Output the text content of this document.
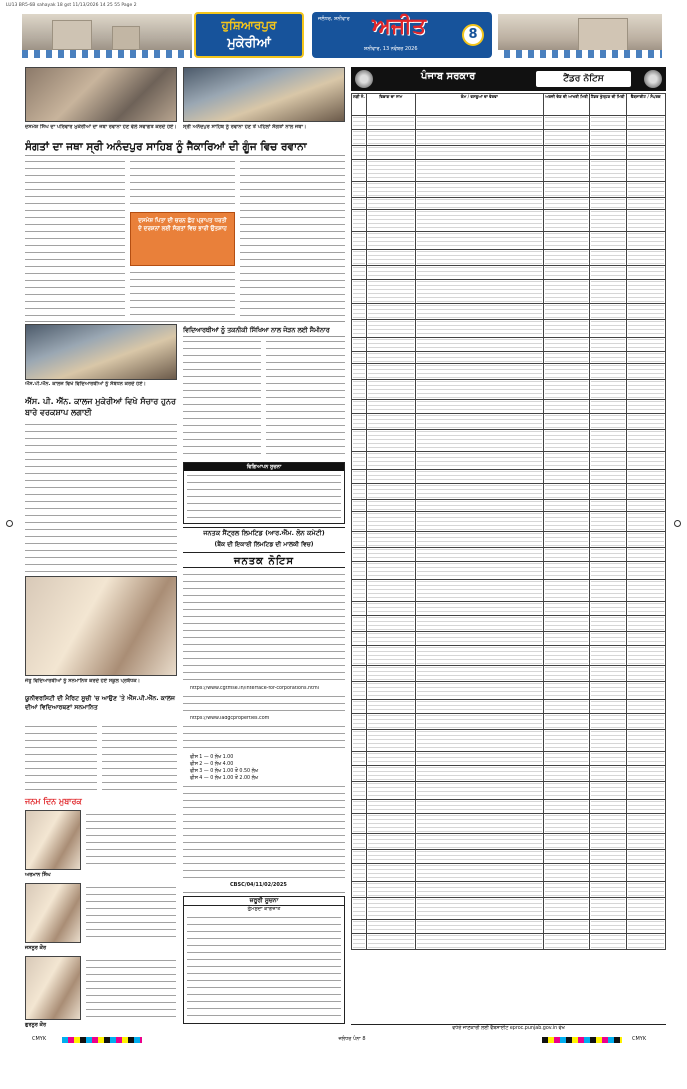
LU13 BR5-6B sahayak 18 gst 11/13/2026 14 25 55 Page 2
ਹੁਸ਼ਿਆਰਪੁਰ
ਮੁਕੇਰੀਆਂ
ਜਲੰਧਰ, ਸ਼ਨੀਵਾਰ	ਅਜੀਤ
ਸ਼ਨੀਵਾਰ, 13 ਨਵੰਬਰ 2026
8
ਦਸਮੇਸ਼ ਸਿੰਘ ਦਾ ਪਰਿਵਾਰ ਮੁਕੇਰੀਆਂ ਦਾ ਜਥਾ ਰਵਾਨਾ ਹੋਣ ਵੇਲੇ ਸਵਾਗਤ ਕਰਦੇ ਹੋਏ। ਸ੍ਰੀ ਅਨੰਦਪੁਰ ਸਾਹਿਬ ਨੂੰ ਰਵਾਨਾ ਹੋਣ ਤੋਂ ਪਹਿਲਾਂ ਸੰਗਤਾਂ ਨਾਲ ਜਥਾ।
ਸੰਗਤਾਂ ਦਾ ਜਥਾ ਸ੍ਰੀ ਅਨੰਦਪੁਰ ਸਾਹਿਬ ਨੂੰ ਜੈਕਾਰਿਆਂ ਦੀ ਗੂੰਜ ਵਿਚ ਰਵਾਨਾ
ਦਸਮੇਸ਼ ਪਿਤਾ ਦੀ ਚਰਨ ਛੋਹ ਪ੍ਰਾਪਤ ਧਰਤੀ ਦੇ ਦਰਸ਼ਨਾਂ ਲਈ ਸੰਗਤਾਂ ਵਿਚ ਭਾਰੀ ਉਤਸ਼ਾਹ
ਐੱਸ.ਪੀ.ਐੱਨ. ਕਾਲਜ ਵਿਖੇ ਵਿਦਿਆਰਥੀਆਂ ਨੂੰ ਸੰਬੋਧਨ ਕਰਦੇ ਹੋਏ।
ਐੱਸ. ਪੀ. ਐੱਨ. ਕਾਲਜ ਮੁਕੇਰੀਆਂ ਵਿਖੇ ਸੰਚਾਰ ਹੁਨਰ ਬਾਰੇ ਵਰਕਸ਼ਾਪ ਲਗਾਈ
ਵਿਦਿਆਰਥੀਆਂ ਨੂੰ ਤਕਨੀਕੀ ਸਿੱਖਿਆ ਨਾਲ ਜੋੜਨ ਲਈ ਸੈਮੀਨਾਰ
ਵਿਗਿਆਪਨ ਸੂਚਨਾ
ਜੇਤੂ ਵਿਦਿਆਰਥੀਆਂ ਨੂੰ ਸਨਮਾਨਿਤ ਕਰਦੇ ਹੋਏ ਸਕੂਲ ਪ੍ਰਬੰਧਕ।
ਯੂਨੀਵਰਸਿਟੀ ਦੀ ਮੈਰਿਟ ਸੂਚੀ 'ਚ ਆਉਣ 'ਤੇ ਐੱਸ.ਪੀ.ਐੱਨ. ਕਾਲਜ ਦੀਆਂ ਵਿਦਿਆਰਥਣਾਂ ਸਨਮਾਨਿਤ
ਜਨਮ ਦਿਨ ਮੁਬਾਰਕ
ਅਰਮਾਨ ਸਿੰਘ
ਜਸਨੂਰ ਕੌਰ
ਗੁਰਨੂਰ ਕੌਰ
ਜਨਤਕ ਸੈਂਟ੍ਰਲ ਲਿਮਟਿਡ (ਆਰ.ਐੱਮ. ਲੋਨ ਕਮੇਟੀ)
(ਬੈਂਕ ਦੀ ਇਕਾਈ ਲਿਮਟਿਡ ਦੀ ਮਾਲਕੀ ਵਿਚ)
ਜਨਤਕ ਨੋਟਿਸ
https://www.cgtmse.in/interface-for-corporations.html
https://www.ladgcproperties.com
ਫੀਸ 1 — 0 ਲੱਖ 1.00
ਫੀਸ 2 — 0 ਲੱਖ 4.00
ਫੀਸ 3 — 0 ਲੱਖ 1.00 ਤੋਂ 0.50 ਲੱਖ
ਫੀਸ 4 — 0 ਲੱਖ 1.00 ਤੋਂ 2.00 ਲੱਖ
CBSC/04/11/02/2025
ਜ਼ਰੂਰੀ ਸੂਚਨਾ
ਗੁੰਮਸ਼ੁਦਾ ਕਾਗਜ਼ਾਤ
ਪੰਜਾਬ ਸਰਕਾਰ	ਟੈਂਡਰ ਨੋਟਿਸ
ਲੜੀ ਨੰ.	ਵਿਭਾਗ ਦਾ ਨਾਮ	ਕੰਮ / ਵਸਤੂਆਂ ਦਾ ਵੇਰਵਾ	ਅਰਜ਼ੀ ਦੇਣ ਦੀ ਆਖਰੀ ਮਿਤੀ	ਟੈਂਡਰ ਖੁੱਲ੍ਹਣ ਦੀ ਮਿਤੀ	ਵੈੱਬਸਾਈਟ / ਸੰਪਰਕ

ਵਧੇਰੇ ਜਾਣਕਾਰੀ ਲਈ ਵੈੱਬਸਾਈਟ eproc.punjab.gov.in ਵੇਖੋ
CMYK	ਜਲੰਧਰ ਪੰਨਾ 8	CMYK
